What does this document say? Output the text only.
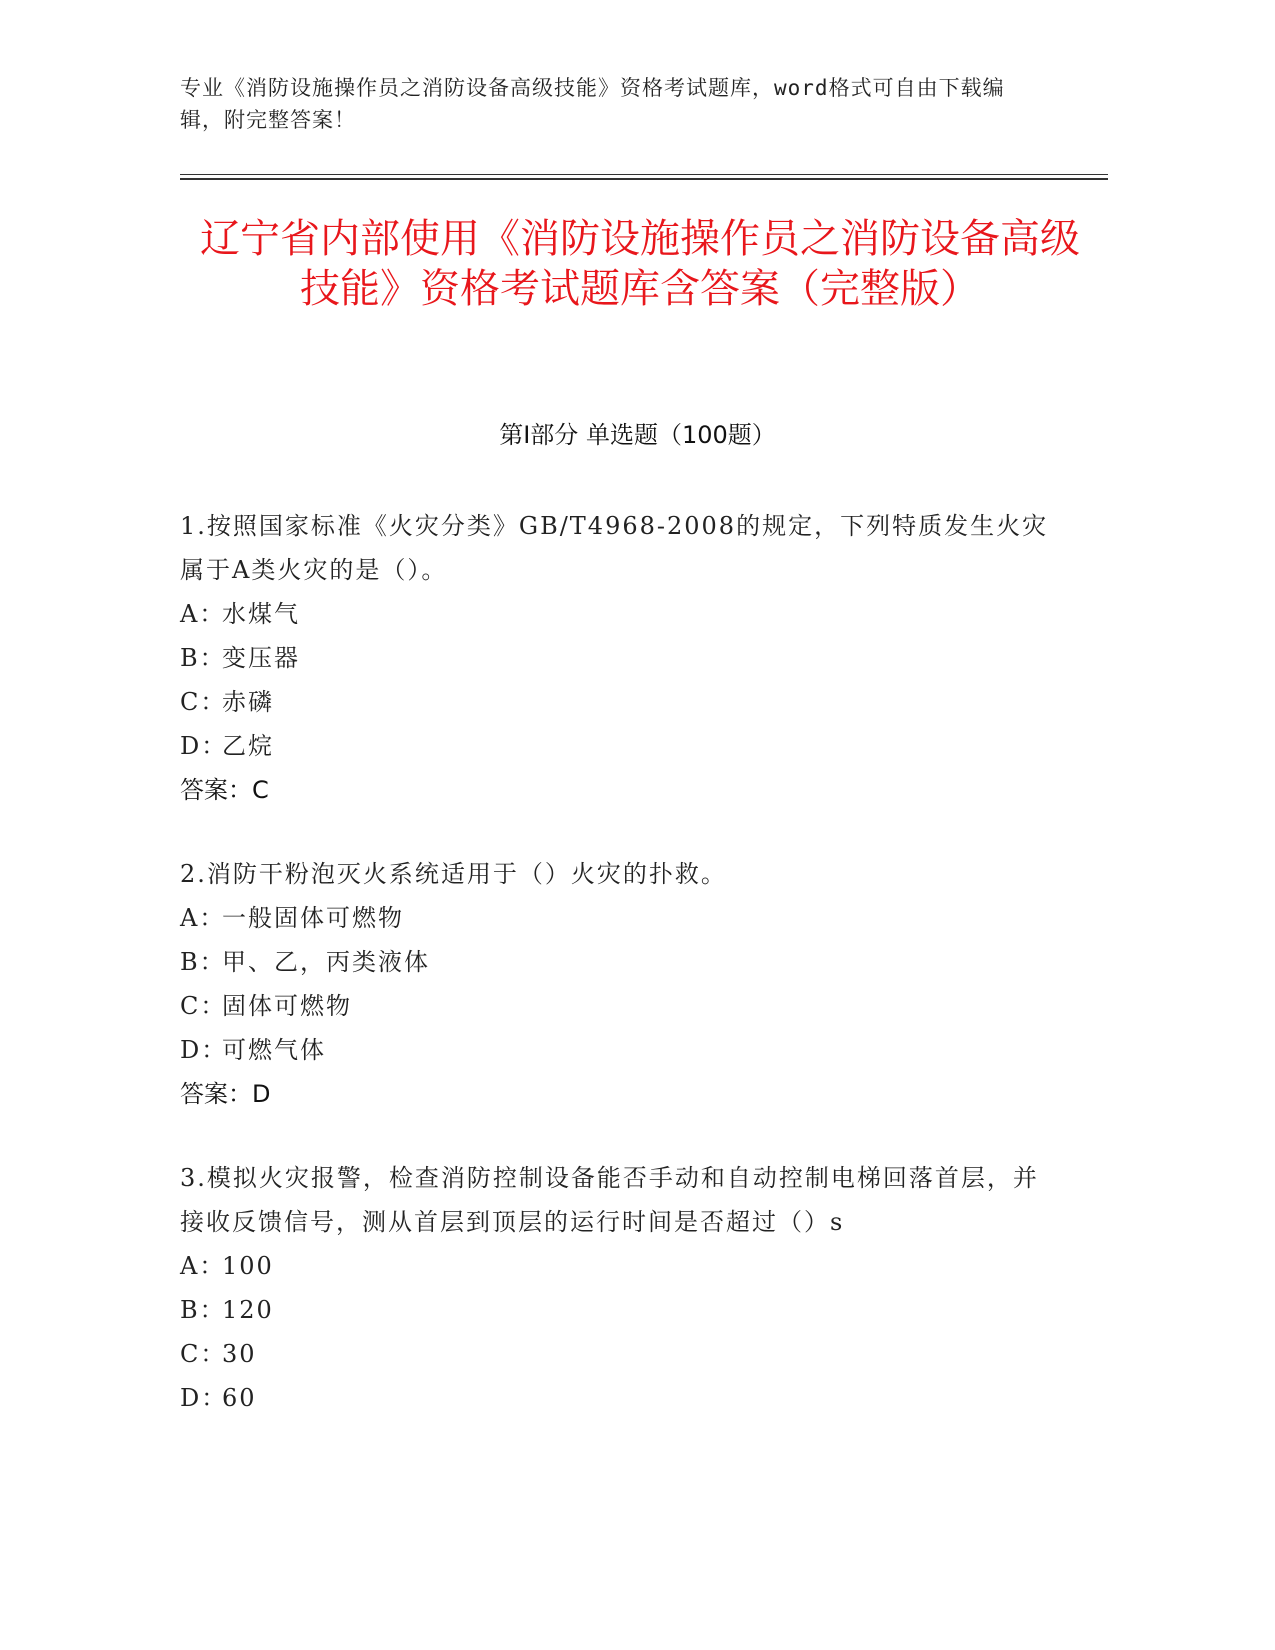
专业《消防设施操作员之消防设备高级技能》资格考试题库，word格式可自由下载编辑，附完整答案！
辽宁省内部使用《消防设施操作员之消防设备高级技能》资格考试题库含答案（完整版）
第Ⅰ部分 单选题（100题）
1.按照国家标准《火灾分类》GB/T4968-2008的规定，下列特质发生火灾属于A类火灾的是（）。
A：水煤气
B：变压器
C：赤磷
D：乙烷
答案：C
2.消防干粉泡灭火系统适用于（）火灾的扑救。
A：一般固体可燃物
B：甲、乙，丙类液体
C：固体可燃物
D：可燃气体
答案：D
3.模拟火灾报警，检查消防控制设备能否手动和自动控制电梯回落首层，并接收反馈信号，测从首层到顶层的运行时间是否超过（）s
A：100
B：120
C：30
D：60
